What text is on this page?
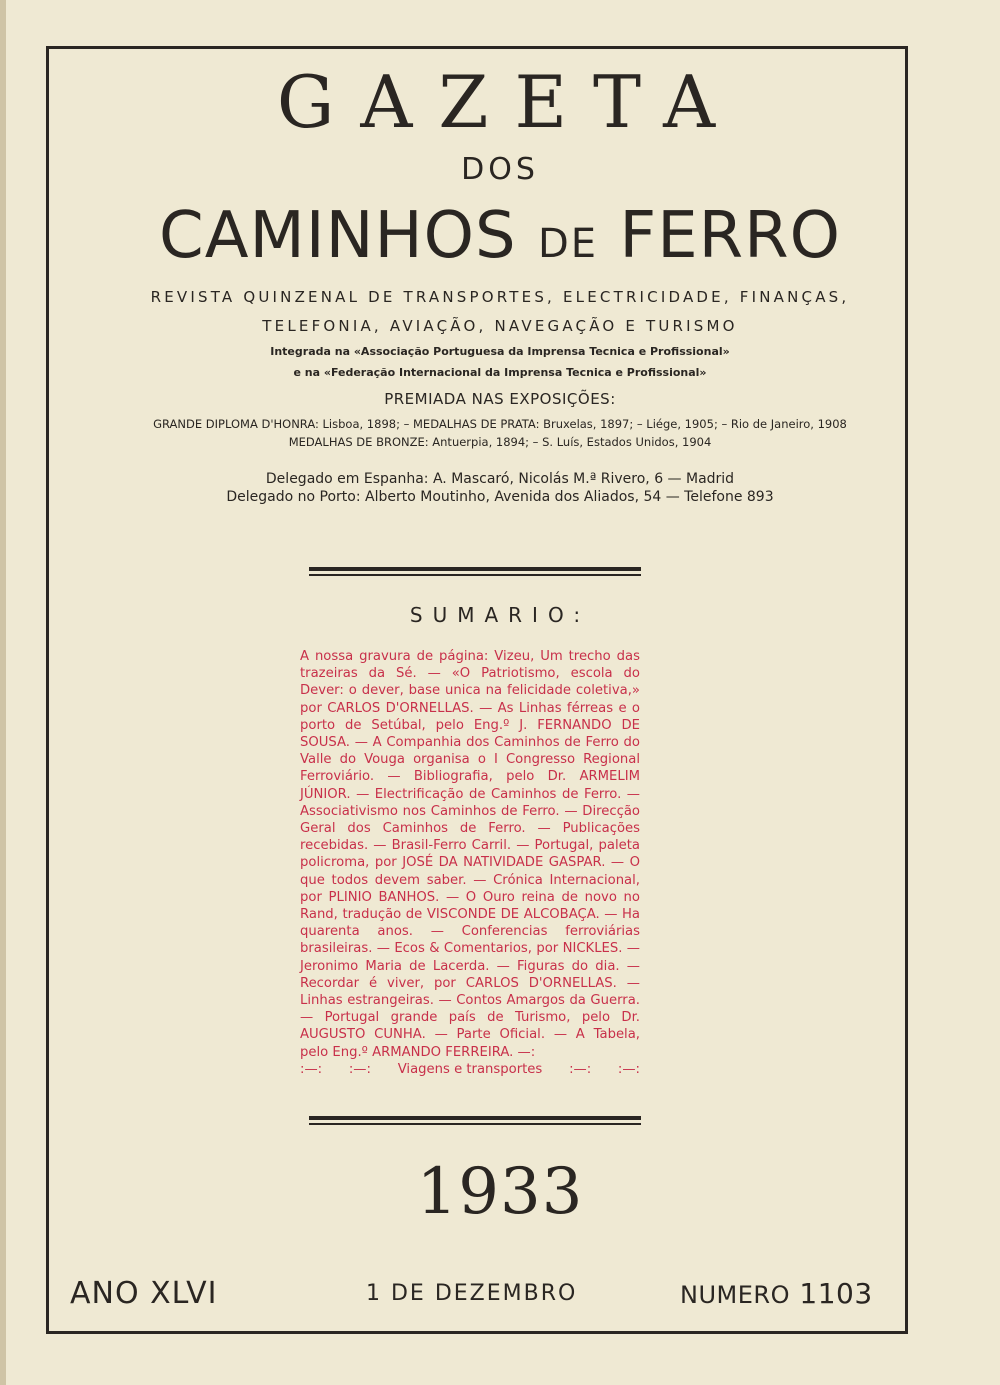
GAZETA
DOS
CAMINHOS DE FERRO
REVISTA QUINZENAL DE TRANSPORTES, ELECTRICIDADE, FINANÇAS,
TELEFONIA, AVIAÇÃO, NAVEGAÇÃO E TURISMO
Integrada na «Associação Portuguesa da Imprensa Tecnica e Profissional»
e na «Federação Internacional da Imprensa Tecnica e Profissional»
PREMIADA NAS EXPOSIÇÕES:
GRANDE DIPLOMA D'HONRA: Lisboa, 1898; – MEDALHAS DE PRATA: Bruxelas, 1897; – Liége, 1905; – Rio de Janeiro, 1908
MEDALHAS DE BRONZE: Antuerpia, 1894; – S. Luís, Estados Unidos, 1904
Delegado em Espanha: A. Mascaró, Nicolás M.ª Rivero, 6 — Madrid
Delegado no Porto: Alberto Moutinho, Avenida dos Aliados, 54 — Telefone 893
SUMARIO:

A nossa gravura de página: Vizeu, Um trecho das trazeiras da Sé. — «O Patriotismo, escola do Dever: o dever, base unica na felicidade coletiva,» por CARLOS D'ORNELLAS. — As Linhas férreas e o porto de Setúbal, pelo Eng.º J. FERNANDO DE SOUSA. — A Companhia dos Caminhos de Ferro do Valle do Vouga organisa o I Congresso Regional Ferroviário. — Bibliografia, pelo Dr. ARMELIM JÚNIOR. — Electrificação de Caminhos de Ferro. — Associativismo nos Caminhos de Ferro. — Direcção Geral dos Caminhos de Ferro. — Publicações recebidas. — Brasil-Ferro Carril. — Portugal, paleta policroma, por JOSÉ DA NATIVIDADE GASPAR. — O que todos devem saber. — Crónica Internacional, por PLINIO BANHOS. — O Ouro reina de novo no Rand, tradução de VISCONDE DE ALCOBAÇA. — Ha quarenta anos. — Conferencias ferroviárias brasileiras. — Ecos & Comentarios, por NICKLES. — Jeronimo Maria de Lacerda. — Figuras do dia. — Recordar é viver, por CARLOS D'ORNELLAS. — Linhas estrangeiras. — Contos Amargos da Guerra. — Portugal grande país de Turismo, pelo Dr. AUGUSTO CUNHA. — Parte Oficial. — A Tabela, pelo Eng.º ARMANDO FERREIRA. —:

:—: :—: Viagens e transportes :—: :—:
1933
ANO XLVI	1 DE DEZEMBRO	NUMERO 1103
